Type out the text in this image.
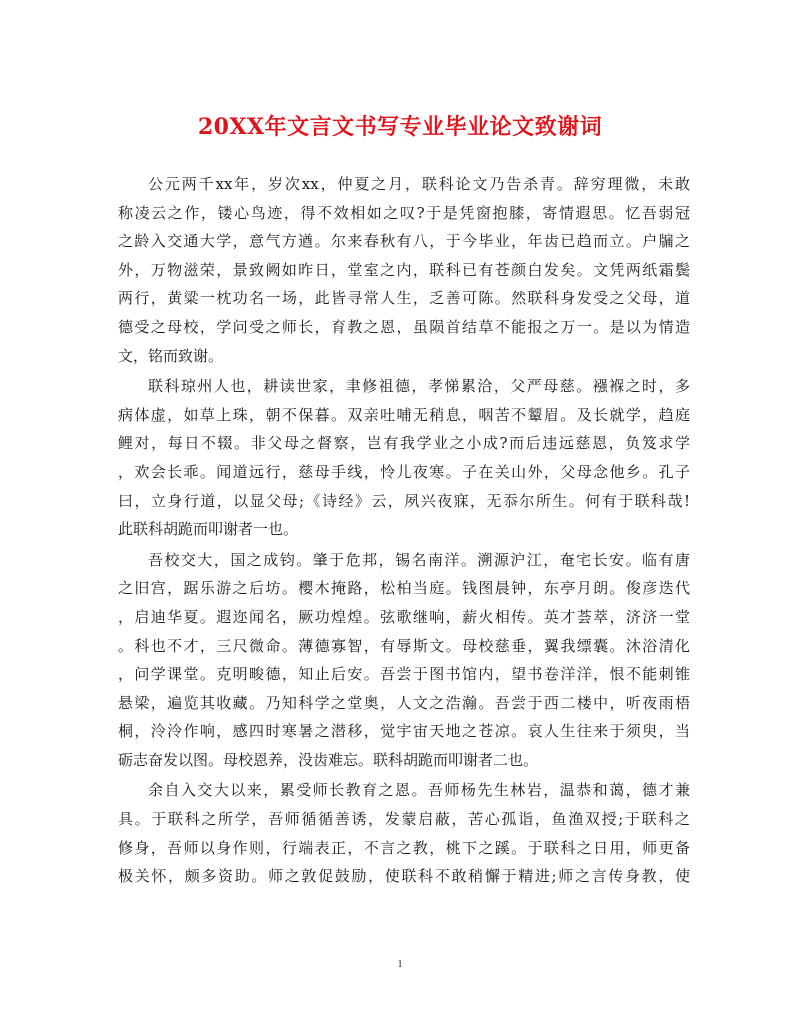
20XX年文言文书写专业毕业论文致谢词
公元两千xx年，岁次xx，仲夏之月，联科论文乃告杀青。辞穷理微，未敢
称凌云之作，镂心鸟迹，得不效相如之叹?于是凭窗抱膝，寄情遐思。忆吾弱冠
之龄入交通大学，意气方遒。尔来春秋有八，于今毕业，年齿已趋而立。户牖之
外，万物滋荣，景致阙如昨日，堂室之内，联科已有苍颜白发矣。文凭两纸霜鬓
两行，黄粱一枕功名一场，此皆寻常人生，乏善可陈。然联科身发受之父母，道
德受之母校，学问受之师长，育教之恩，虽陨首结草不能报之万一。是以为情造
文，铭而致谢。
联科琼州人也，耕读世家，聿修祖德，孝悌累洽，父严母慈。襁褓之时，多
病体虚，如草上珠，朝不保暮。双亲吐哺无稍息，咽苦不颦眉。及长就学，趋庭
鲤对，每日不辍。非父母之督察，岂有我学业之小成?而后违远慈恩，负笈求学
，欢会长乖。闻道远行，慈母手线，怜儿夜寒。子在关山外，父母念他乡。孔子
曰，立身行道，以显父母;《诗经》云，夙兴夜寐，无忝尔所生。何有于联科哉!
此联科胡跪而叩谢者一也。
吾校交大，国之成钧。肇于危邦，锡名南洋。溯源沪江，奄宅长安。临有唐
之旧宫，踞乐游之后坊。樱木掩路，松柏当庭。钱图晨钟，东亭月朗。俊彦迭代
，启迪华夏。遐迩闻名，厥功煌煌。弦歌继响，薪火相传。英才荟萃，济济一堂
。科也不才，三尺微命。薄德寡智，有辱斯文。母校慈垂，翼我缥囊。沐浴清化
，问学课堂。克明畯德，知止后安。吾尝于图书馆内，望书卷洋洋，恨不能刺锥
悬梁，遍览其收藏。乃知科学之堂奥，人文之浩瀚。吾尝于西二楼中，听夜雨梧
桐，泠泠作响，感四时寒暑之潜移，觉宇宙天地之苍凉。哀人生往来于须臾，当
砺志奋发以图。母校恩养，没齿难忘。联科胡跪而叩谢者二也。
余自入交大以来，累受师长教育之恩。吾师杨先生林岩，温恭和蔼，德才兼
具。于联科之所学，吾师循循善诱，发蒙启蔽，苦心孤诣，鱼渔双授;于联科之
修身，吾师以身作则，行端表正，不言之教，桃下之蹊。于联科之日用，师更备
极关怀，颇多资助。师之敦促鼓励，使联科不敢稍懈于精进;师之言传身教，使
1
